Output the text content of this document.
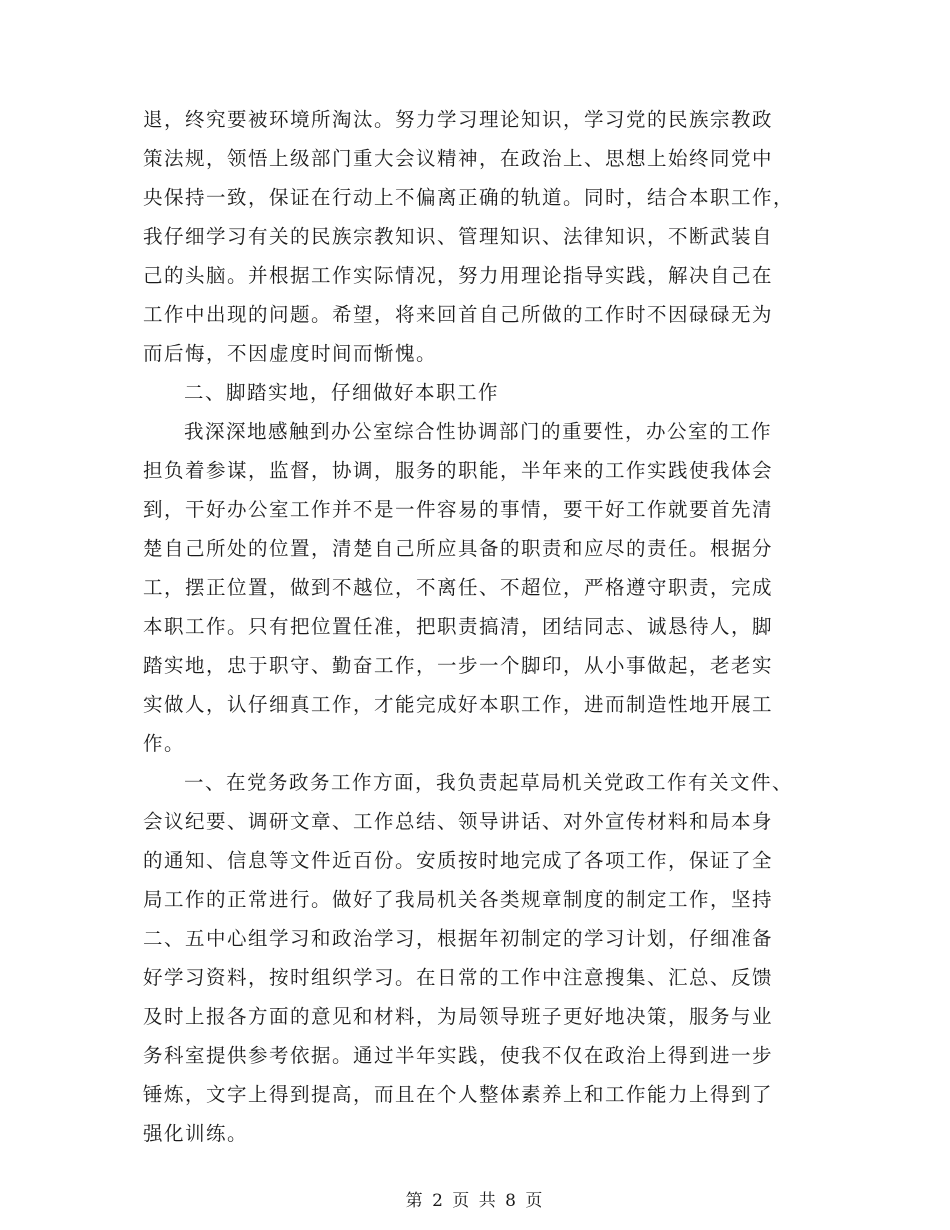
退，终究要被环境所淘汰。努力学习理论知识，学习党的民族宗教政
策法规，领悟上级部门重大会议精神，在政治上、思想上始终同党中
央保持一致，保证在行动上不偏离正确的轨道。同时，结合本职工作，
我仔细学习有关的民族宗教知识、管理知识、法律知识，不断武装自
己的头脑。并根据工作实际情况，努力用理论指导实践，解决自己在
工作中出现的问题。希望，将来回首自己所做的工作时不因碌碌无为
而后悔，不因虚度时间而惭愧。
二、脚踏实地，仔细做好本职工作
我深深地感触到办公室综合性协调部门的重要性，办公室的工作
担负着参谋，监督，协调，服务的职能，半年来的工作实践使我体会
到，干好办公室工作并不是一件容易的事情，要干好工作就要首先清
楚自己所处的位置，清楚自己所应具备的职责和应尽的责任。根据分
工，摆正位置，做到不越位，不离任、不超位，严格遵守职责，完成
本职工作。只有把位置任准，把职责搞清，团结同志、诚恳待人，脚
踏实地，忠于职守、勤奋工作，一步一个脚印，从小事做起，老老实
实做人，认仔细真工作，才能完成好本职工作，进而制造性地开展工
作。
一、在党务政务工作方面，我负责起草局机关党政工作有关文件、
会议纪要、调研文章、工作总结、领导讲话、对外宣传材料和局本身
的通知、信息等文件近百份。安质按时地完成了各项工作，保证了全
局工作的正常进行。做好了我局机关各类规章制度的制定工作，坚持
二、五中心组学习和政治学习，根据年初制定的学习计划，仔细准备
好学习资料，按时组织学习。在日常的工作中注意搜集、汇总、反馈
及时上报各方面的意见和材料，为局领导班子更好地决策，服务与业
务科室提供参考依据。通过半年实践，使我不仅在政治上得到进一步
锤炼，文字上得到提高，而且在个人整体素养上和工作能力上得到了
强化训练。
第 2 页 共 8 页
